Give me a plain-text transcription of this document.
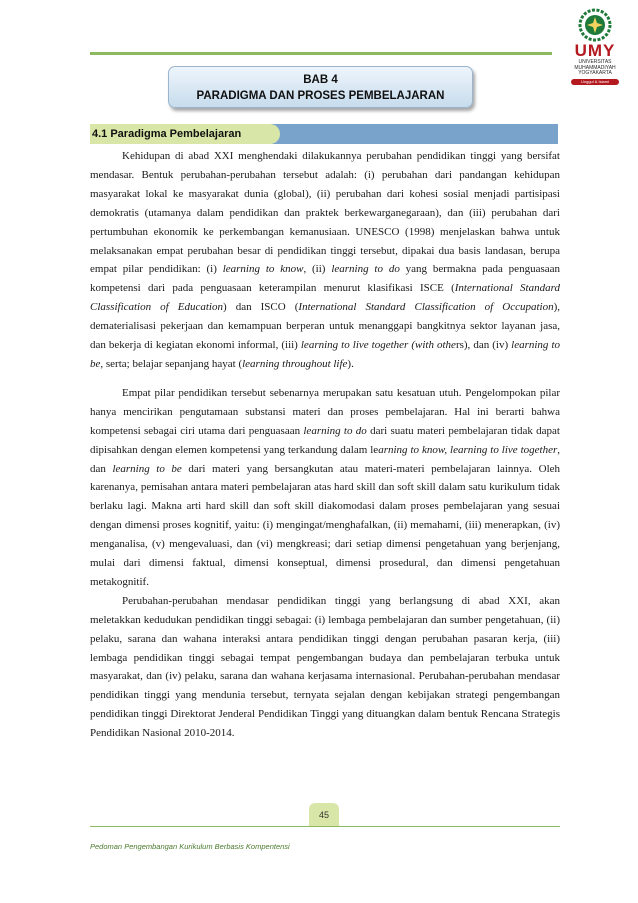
UMY
UNIVERSITAS
MUHAMMADIYAH
YOGYAKARTA
Unggul & Islami
BAB 4
PARADIGMA DAN PROSES PEMBELAJARAN
4.1 Paradigma Pembelajaran

Kehidupan di abad XXI menghendaki dilakukannya perubahan pendidikan tinggi yang bersifat mendasar. Bentuk perubahan-perubahan tersebut adalah: (i) perubahan dari pandangan kehidupan masyarakat lokal ke masyarakat dunia (global), (ii) perubahan dari kohesi sosial menjadi partisipasi demokratis (utamanya dalam pendidikan dan praktek berkewarganegaraan), dan (iii) perubahan dari pertumbuhan ekonomik ke perkembangan kemanusiaan. UNESCO (1998) menjelaskan bahwa untuk melaksanakan empat perubahan besar di pendidikan tinggi tersebut, dipakai dua basis landasan, berupa empat pilar pendidikan: (i) learning to know, (ii) learning to do yang bermakna pada penguasaan kompetensi dari pada penguasaan keterampilan menurut klasifikasi ISCE (International Standard Classification of Education) dan ISCO (International Standard Classification of Occupation), dematerialisasi pekerjaan dan kemampuan berperan untuk menanggapi bangkitnya sektor layanan jasa, dan bekerja di kegiatan ekonomi informal, (iii) learning to live together (with others), dan (iv) learning to be, serta; belajar sepanjang hayat (learning throughout life).

Empat pilar pendidikan tersebut sebenarnya merupakan satu kesatuan utuh. Pengelompokan pilar hanya mencirikan pengutamaan substansi materi dan proses pembelajaran. Hal ini berarti bahwa kompetensi sebagai ciri utama dari penguasaan learning to do dari suatu materi pembelajaran tidak dapat dipisahkan dengan elemen kompetensi yang terkandung dalam learning to know, learning to live together, dan learning to be dari materi yang bersangkutan atau materi-materi pembelajaran lainnya. Oleh karenanya, pemisahan antara materi pembelajaran atas hard skill dan soft skill dalam satu kurikulum tidak berlaku lagi. Makna arti hard skill dan soft skill diakomodasi dalam proses pembelajaran yang sesuai dengan dimensi proses kognitif, yaitu: (i) mengingat/menghafalkan, (ii) memahami, (iii) menerapkan, (iv) menganalisa, (v) mengevaluasi, dan (vi) mengkreasi; dari setiap dimensi pengetahuan yang berjenjang, mulai dari dimensi faktual, dimensi konseptual, dimensi prosedural, dan dimensi pengetahuan metakognitif.

Perubahan-perubahan mendasar pendidikan tinggi yang berlangsung di abad XXI, akan meletakkan kedudukan pendidikan tinggi sebagai: (i) lembaga pembelajaran dan sumber pengetahuan, (ii) pelaku, sarana dan wahana interaksi antara pendidikan tinggi dengan perubahan pasaran kerja, (iii) lembaga pendidikan tinggi sebagai tempat pengembangan budaya dan pembelajaran terbuka untuk masyarakat, dan (iv) pelaku, sarana dan wahana kerjasama internasional. Perubahan-perubahan mendasar pendidikan tinggi yang mendunia tersebut, ternyata sejalan dengan kebijakan strategi pengembangan pendidikan tinggi Direktorat Jenderal Pendidikan Tinggi yang dituangkan dalam bentuk Rencana Strategis Pendidikan Nasional 2010-2014.

45
Pedoman Pengembangan Kurikulum Berbasis Kompentensi
